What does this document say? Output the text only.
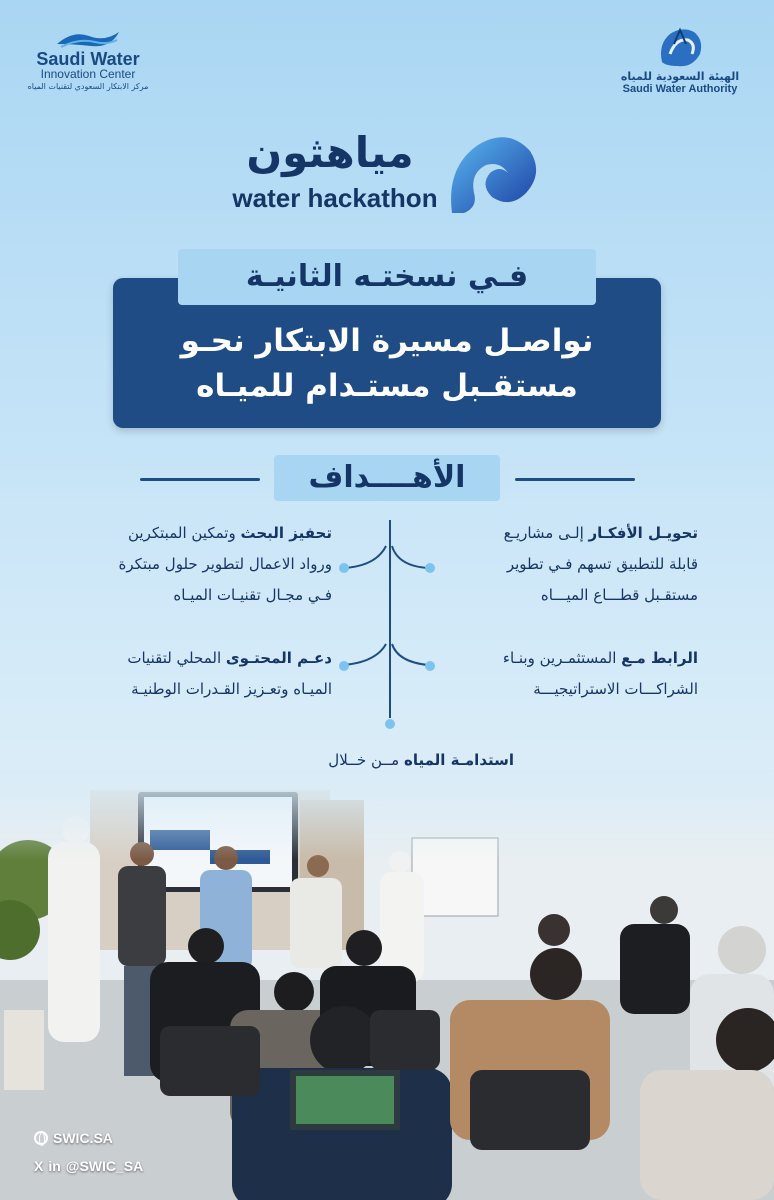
Saudi Water
Innovation Center
مركز الابتكار السعودي لتقنيات المياه
الهيئة السعودية للمياه
Saudi Water Authority
مياهثون
water hackathon
فـي نسختـه الثانيـة
نواصـل مسيرة الابتكار نحـو
مستقـبل مستـدام للميـاه
الأهــــداف
تحويـل الأفكـار إلـى مشاريـع
قابلة للتطبيق تسهم فـي تطوير
مستقـبل قطـــاع الميـــاه
تحفيز البحث وتمكين المبتكرين
ورواد الاعمال لتطوير حلول مبتكرة
فـي مجـال تقنيـات الميـاه
الرابط مـع المستثمـرين وبنـاء
الشراكـــات الاستراتيجيـــة
دعـم المحتـوى المحلي لتقنيات
الميـاه وتعـزيز القـدرات الوطنيـة
استدامـة المياه مــن خــلال
SWIC.SA
X in @SWIC_SA
